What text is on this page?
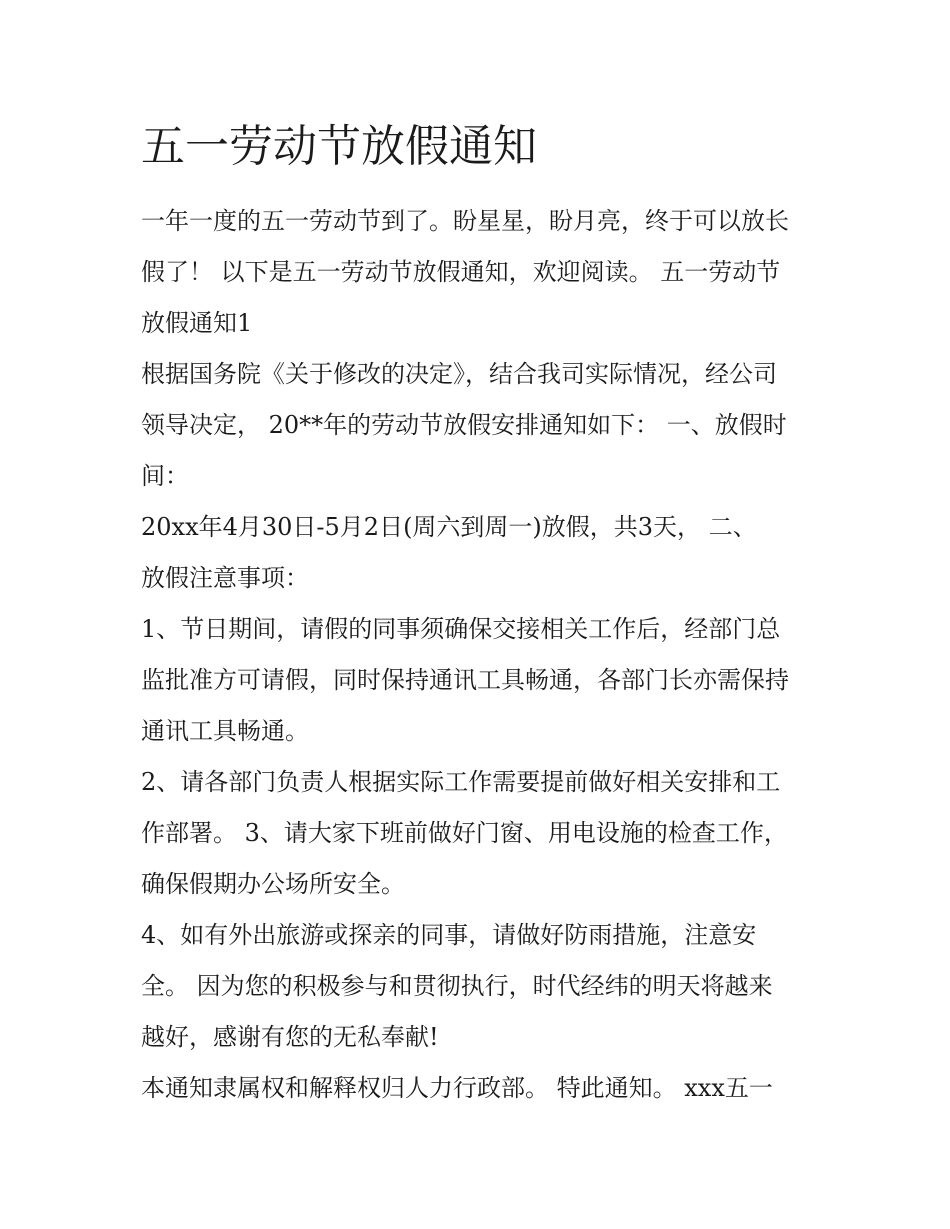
五一劳动节放假通知

一年一度的五一劳动节到了。盼星星，盼月亮，终于可以放长

假了！ 以下是五一劳动节放假通知，欢迎阅读。 五一劳动节

放假通知1

根据国务院《关于修改的决定》，结合我司实际情况，经公司

领导决定， 20**年的劳动节放假安排通知如下： 一、放假时

间：

20xx年4月30日-5月2日(周六到周一)放假，共3天， 二、

放假注意事项：

1、节日期间，请假的同事须确保交接相关工作后，经部门总

监批准方可请假，同时保持通讯工具畅通，各部门长亦需保持

通讯工具畅通。

2、请各部门负责人根据实际工作需要提前做好相关安排和工

作部署。 3、请大家下班前做好门窗、用电设施的检查工作，

确保假期办公场所安全。

4、如有外出旅游或探亲的同事，请做好防雨措施，注意安

全。 因为您的积极参与和贯彻执行，时代经纬的明天将越来

越好，感谢有您的无私奉献!

本通知隶属权和解释权归人力行政部。 特此通知。 xxx五一
